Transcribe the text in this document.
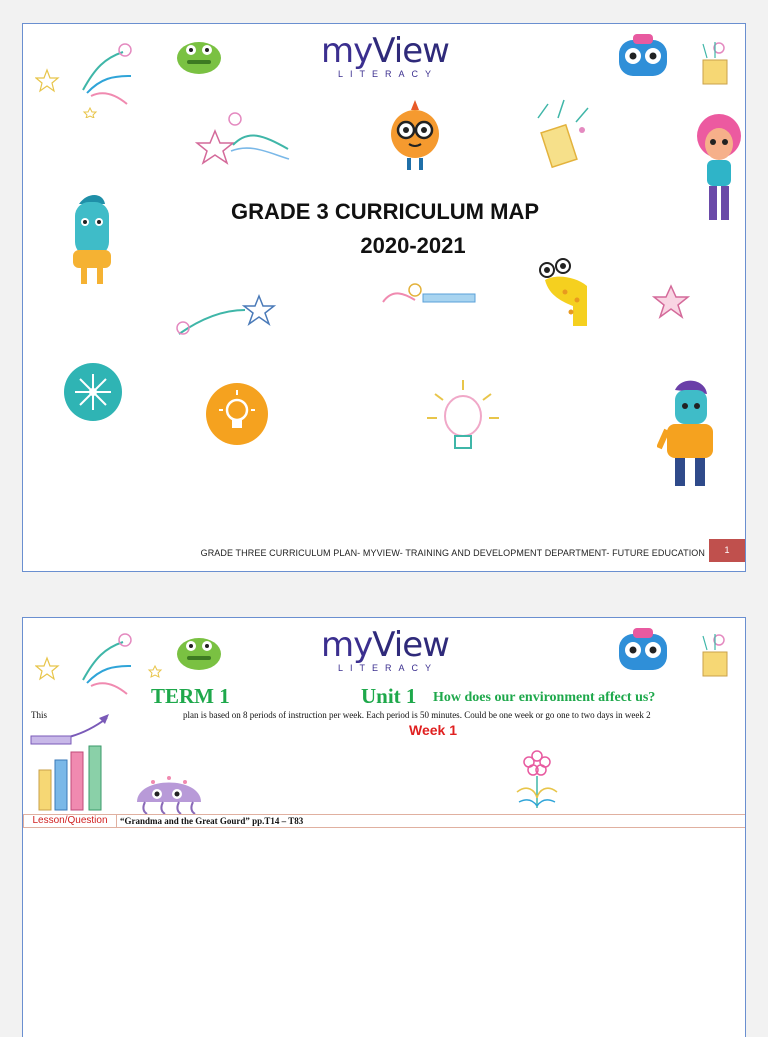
myView
LITERACY
GRADE 3 CURRICULUM MAP
2020-2021
GRADE THREE CURRICULUM PLAN- MYVIEW- TRAINING AND DEVELOPMENT DEPARTMENT- FUTURE EDUCATION	1
myView
LITERACY
TERM 1	Unit 1 How does our environment affect us?
This	plan is based on 8 periods of instruction per week. Each period is 50 minutes. Could be one week or go one to two days in week 2
Week 1
Lesson/Question	“Grandma and the Great Gourd” pp.T14 – T83
